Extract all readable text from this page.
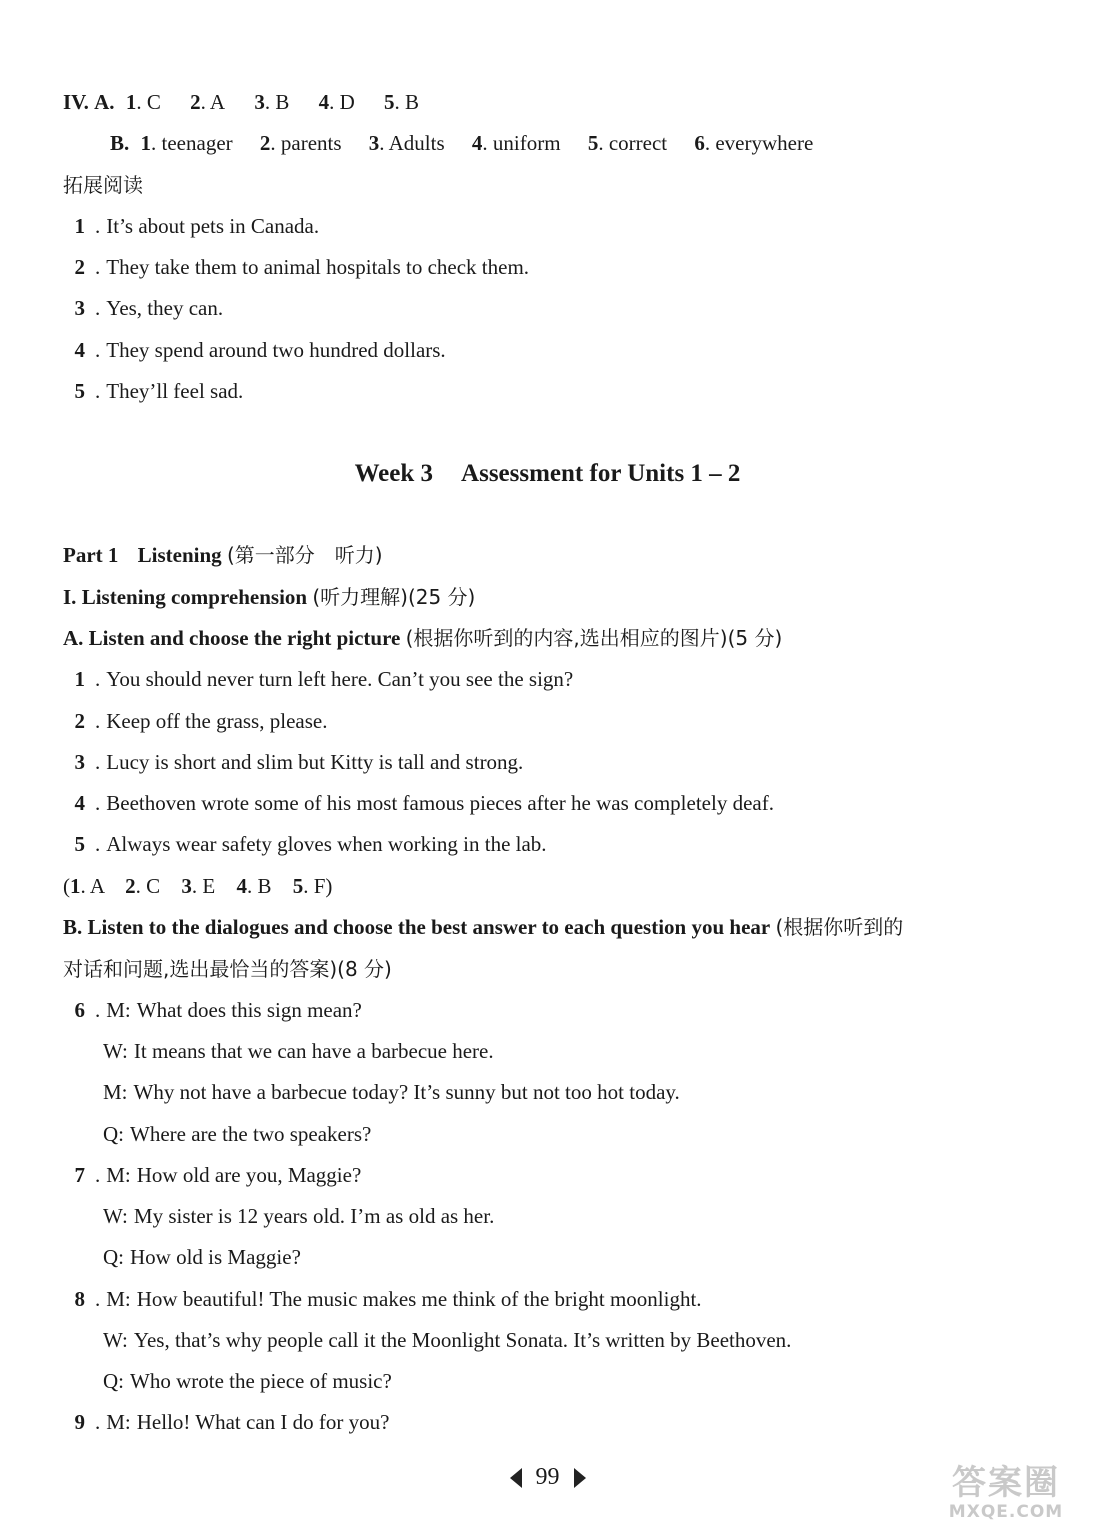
IV. A. 1. C 2. A 3. B 4. D 5. B
B. 1. teenager 2. parents 3. Adults 4. uniform 5. correct 6. everywhere
拓展阅读
1 . It’s about pets in Canada.
2 . They take them to animal hospitals to check them.
3 . Yes, they can.
4 . They spend around two hundred dollars.
5 . They’ll feel sad.
Week 3 Assessment for Units 1 – 2
Part 1 Listening (第一部分　听力)
I. Listening comprehension (听力理解)(25 分)
A. Listen and choose the right picture (根据你听到的内容,选出相应的图片)(5 分)
1 . You should never turn left here. Can’t you see the sign?
2 . Keep off the grass, please.
3 . Lucy is short and slim but Kitty is tall and strong.
4 . Beethoven wrote some of his most famous pieces after he was completely deaf.
5 . Always wear safety gloves when working in the lab.
(1. A 2. C 3. E 4. B 5. F)
B. Listen to the dialogues and choose the best answer to each question you hear (根据你听到的
对话和问题,选出最恰当的答案)(8 分)
6 . M: What does this sign mean?
W: It means that we can have a barbecue here.
M: Why not have a barbecue today? It’s sunny but not too hot today.
Q: Where are the two speakers?
7 . M: How old are you, Maggie?
W: My sister is 12 years old. I’m as old as her.
Q: How old is Maggie?
8 . M: How beautiful! The music makes me think of the bright moonlight.
W: Yes, that’s why people call it the Moonlight Sonata. It’s written by Beethoven.
Q: Who wrote the piece of music?
9 . M: Hello! What can I do for you?
99	答案圈
MXQE.COM
